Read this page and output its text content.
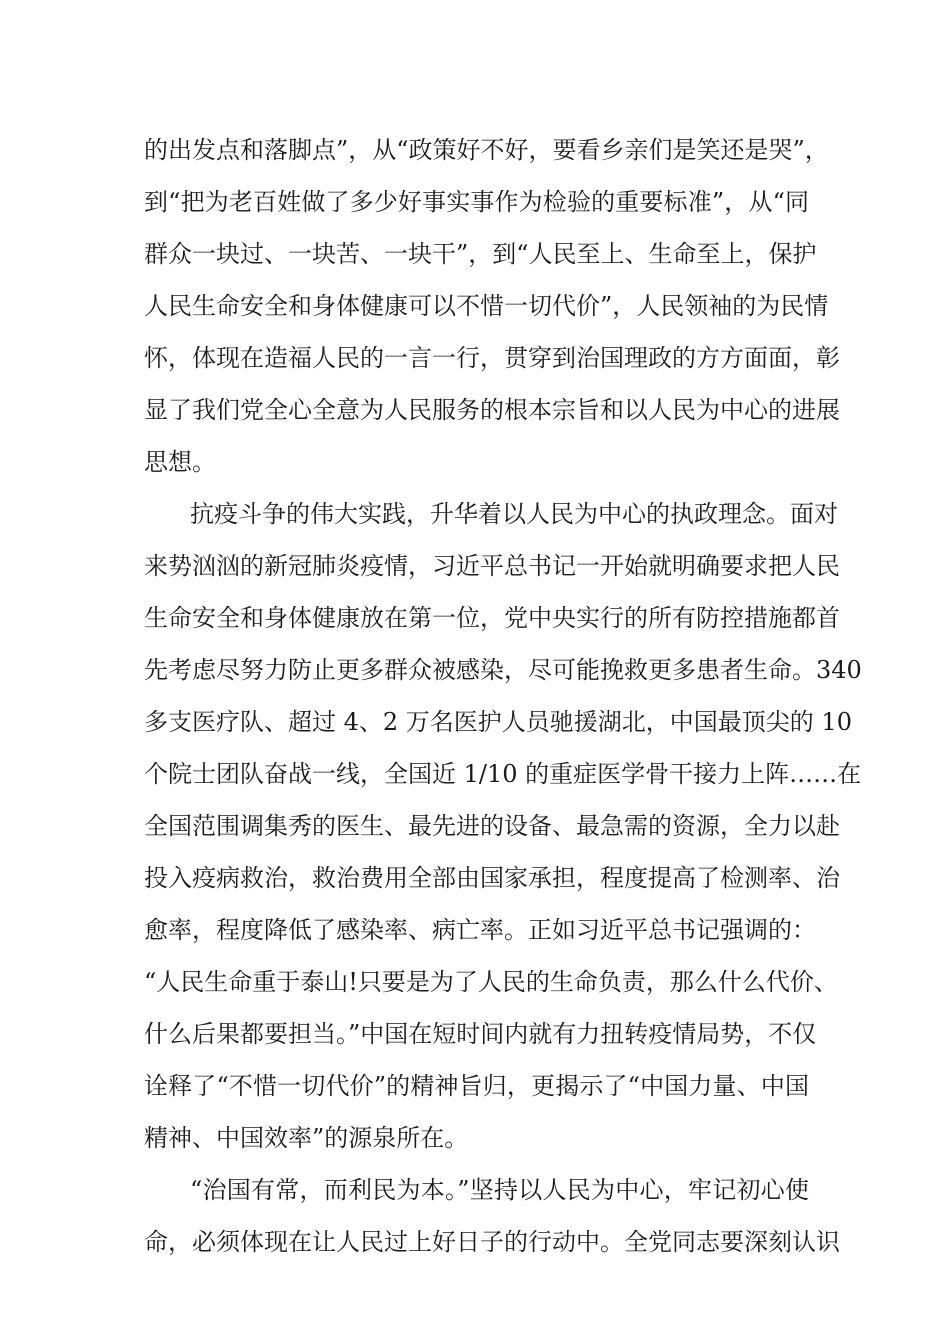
的出发点和落脚点”，从“政策好不好，要看乡亲们是笑还是哭”，
到“把为老百姓做了多少好事实事作为检验的重要标准”，从“同
群众一块过、一块苦、一块干”，到“人民至上、生命至上，保护
人民生命安全和身体健康可以不惜一切代价”，人民领袖的为民情
怀，体现在造福人民的一言一行，贯穿到治国理政的方方面面，彰
显了我们党全心全意为人民服务的根本宗旨和以人民为中心的进展
思想。
抗疫斗争的伟大实践，升华着以人民为中心的执政理念。面对
来势汹汹的新冠肺炎疫情，习近平总书记一开始就明确要求把人民
生命安全和身体健康放在第一位，党中央实行的所有防控措施都首
先考虑尽努力防止更多群众被感染，尽可能挽救更多患者生命。340
多支医疗队、超过 4、2 万名医护人员驰援湖北，中国最顶尖的 10
个院士团队奋战一线，全国近 1/10 的重症医学骨干接力上阵……在
全国范围调集秀的医生、最先进的设备、最急需的资源，全力以赴
投入疫病救治，救治费用全部由国家承担，程度提高了检测率、治
愈率，程度降低了感染率、病亡率。正如习近平总书记强调的：
“人民生命重于泰山!只要是为了人民的生命负责，那么什么代价、
什么后果都要担当。”中国在短时间内就有力扭转疫情局势，不仅
诠释了“不惜一切代价”的精神旨归，更揭示了“中国力量、中国
精神、中国效率”的源泉所在。
“治国有常，而利民为本。”坚持以人民为中心，牢记初心使
命，必须体现在让人民过上好日子的行动中。全党同志要深刻认识
